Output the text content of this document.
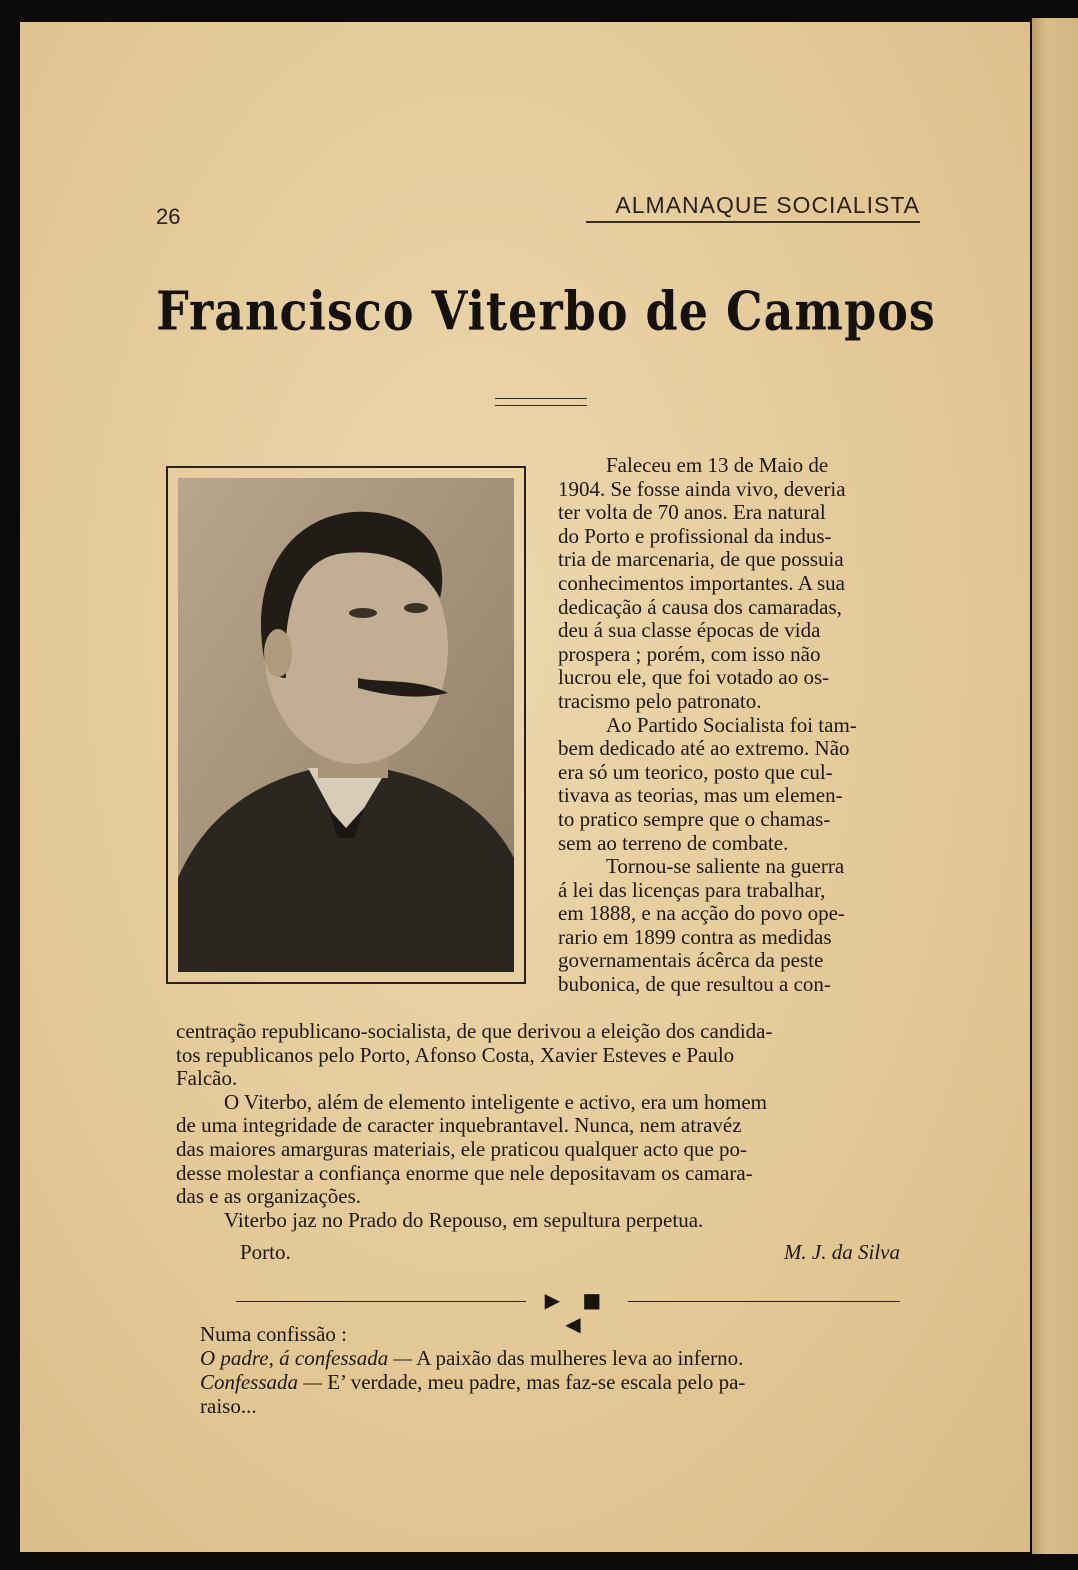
26	ALMANAQUE SOCIALISTA
Francisco Viterbo de Campos

Faleceu em 13 de Maio de

1904. Se fosse ainda vivo, deveria

ter volta de 70 anos. Era natural

do Porto e profissional da indus-

tria de marcenaria, de que possuia

conhecimentos importantes. A sua

dedicação á causa dos camaradas,

deu á sua classe épocas de vida

prospera ; porém, com isso não

lucrou ele, que foi votado ao os-

tracismo pelo patronato.

Ao Partido Socialista foi tam-

bem dedicado até ao extremo. Não

era só um teorico, posto que cul-

tivava as teorias, mas um elemen-

to pratico sempre que o chamas-

sem ao terreno de combate.

Tornou-se saliente na guerra

á lei das licenças para trabalhar,

em 1888, e na acção do povo ope-

rario em 1899 contra as medidas

governamentais ácêrca da peste

bubonica, de que resultou a con-

centração republicano-socialista, de que derivou a eleição dos candida-

tos republicanos pelo Porto, Afonso Costa, Xavier Esteves e Paulo

Falcão.

O Viterbo, além de elemento inteligente e activo, era um homem

de uma integridade de caracter inquebrantavel. Nunca, nem atravéz

das maiores amarguras materiais, ele praticou qualquer acto que po-

desse molestar a confiança enorme que nele depositavam os camara-

das e as organizações.

Viterbo jaz no Prado do Repouso, em sepultura perpetua.

Porto.	M. J. da Silva
▶ ■ ◀

Numa confissão :

O padre, á confessada — A paixão das mulheres leva ao inferno.

Confessada — E’ verdade, meu padre, mas faz-se escala pelo pa-

raiso...
